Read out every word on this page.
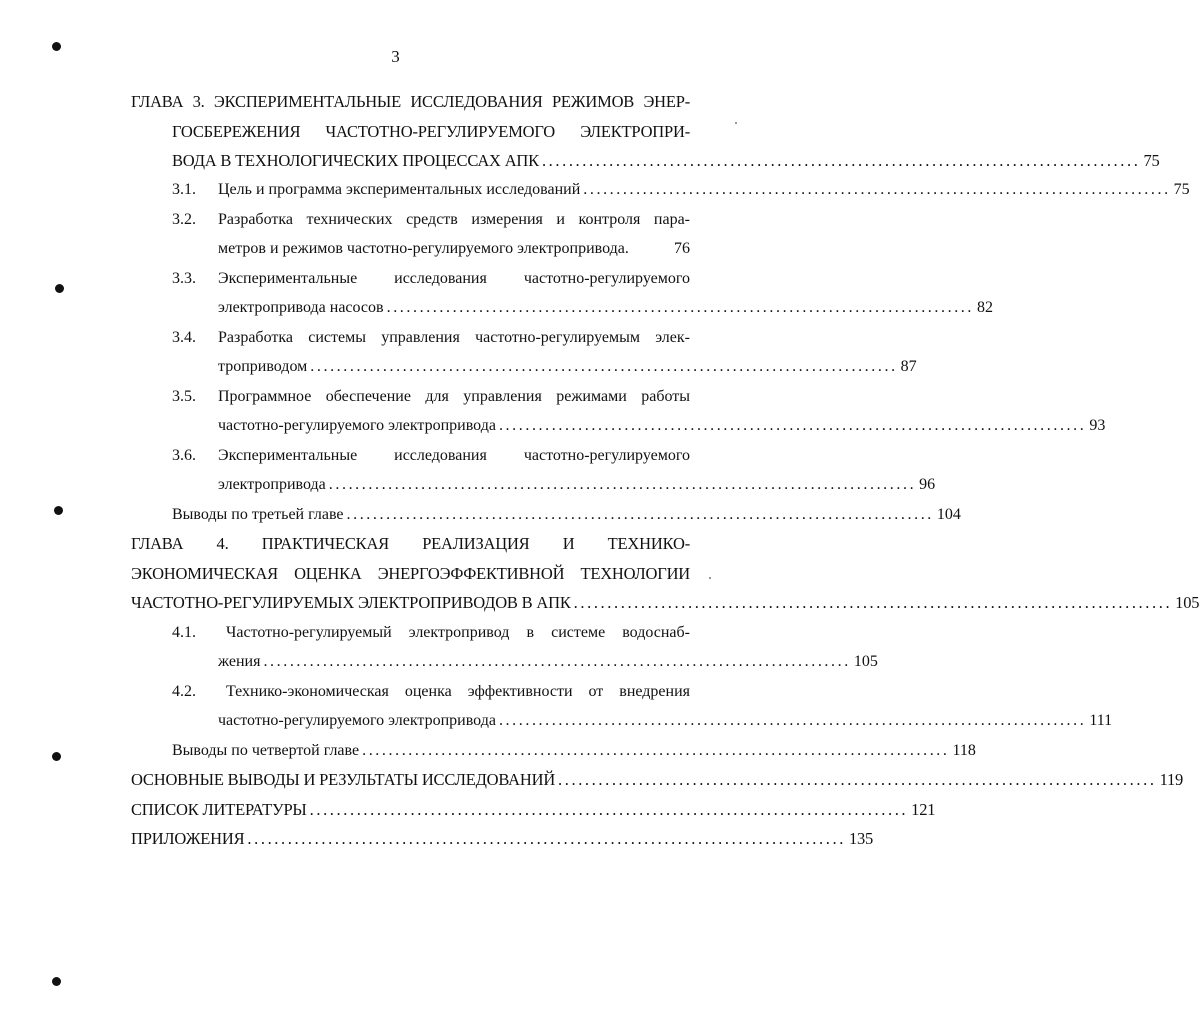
3
ГЛАВА 3. ЭКСПЕРИМЕНТАЛЬНЫЕ ИССЛЕДОВАНИЯ РЕЖИМОВ ЭНЕР-
ГОСБЕРЕЖЕНИЯ ЧАСТОТНО-РЕГУЛИРУЕМОГО ЭЛЕКТРОПРИ-
ВОДА В ТЕХНОЛОГИЧЕСКИХ ПРОЦЕССАХ АПК ......................................................................................... 75
3.1. Цель и программа экспериментальных исследований ......................................................................................... 75
3.2. Разработка технических средств измерения и контроля пара-
метров и режимов частотно-регулируемого электропривода.	76
3.3. Экспериментальные исследования частотно-регулируемого
электропривода насосов ......................................................................................... 82
3.4. Разработка системы управления частотно-регулируемым элек-
троприводом ......................................................................................... 87
3.5. Программное обеспечение для управления режимами работы
частотно-регулируемого электропривода ......................................................................................... 93
3.6. Экспериментальные исследования частотно-регулируемого
электропривода ......................................................................................... 96
Выводы по третьей главе ......................................................................................... 104
ГЛАВА 4. ПРАКТИЧЕСКАЯ РЕАЛИЗАЦИЯ И ТЕХНИКО-
ЭКОНОМИЧЕСКАЯ ОЦЕНКА ЭНЕРГОЭФФЕКТИВНОЙ ТЕХНОЛОГИИ
ЧАСТОТНО-РЕГУЛИРУЕМЫХ ЭЛЕКТРОПРИВОДОВ В АПК ......................................................................................... 105
4.1. Частотно-регулируемый электропривод в системе водоснаб-
жения ......................................................................................... 105
4.2. Технико-экономическая оценка эффективности от внедрения
частотно-регулируемого электропривода ......................................................................................... 111
Выводы по четвертой главе ......................................................................................... 118
ОСНОВНЫЕ ВЫВОДЫ И РЕЗУЛЬТАТЫ ИССЛЕДОВАНИЙ ......................................................................................... 119
СПИСОК ЛИТЕРАТУРЫ ......................................................................................... 121
ПРИЛОЖЕНИЯ ......................................................................................... 135
